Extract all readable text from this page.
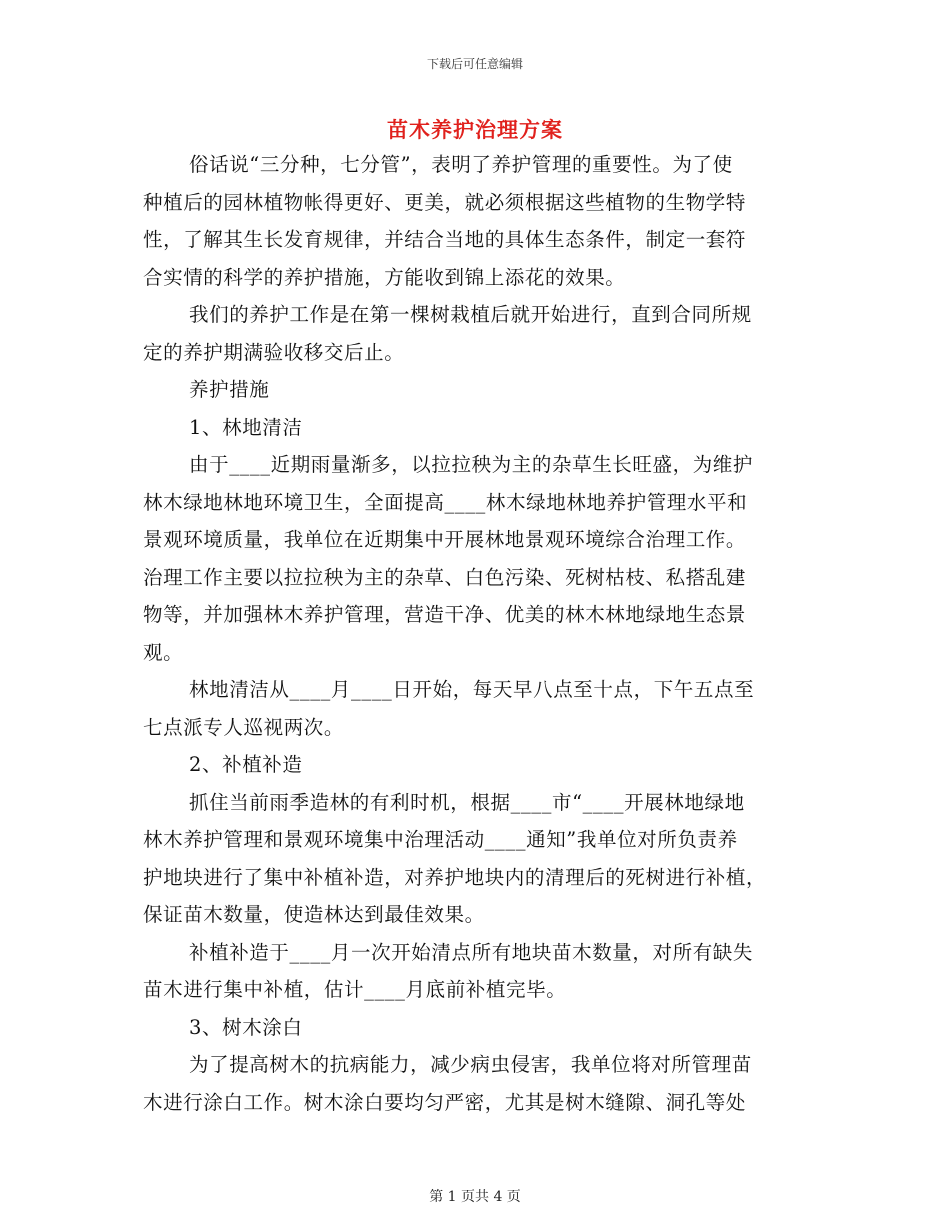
下载后可任意编辑
苗木养护治理方案

俗话说“三分种，七分管”，表明了养护管理的重要性。为了使

种植后的园林植物帐得更好、更美，就必须根据这些植物的生物学特

性，了解其生长发育规律，并结合当地的具体生态条件，制定一套符

合实情的科学的养护措施，方能收到锦上添花的效果。

我们的养护工作是在第一棵树栽植后就开始进行，直到合同所规

定的养护期满验收移交后止。

养护措施

1、林地清洁

由于____近期雨量渐多，以拉拉秧为主的杂草生长旺盛，为维护

林木绿地林地环境卫生，全面提高____林木绿地林地养护管理水平和

景观环境质量，我单位在近期集中开展林地景观环境综合治理工作。

治理工作主要以拉拉秧为主的杂草、白色污染、死树枯枝、私搭乱建

物等，并加强林木养护管理，营造干净、优美的林木林地绿地生态景

观。

林地清洁从____月____日开始，每天早八点至十点，下午五点至

七点派专人巡视两次。

2、补植补造

抓住当前雨季造林的有利时机，根据____市“____开展林地绿地

林木养护管理和景观环境集中治理活动____通知”我单位对所负责养

护地块进行了集中补植补造，对养护地块内的清理后的死树进行补植，

保证苗木数量，使造林达到最佳效果。

补植补造于____月一次开始清点所有地块苗木数量，对所有缺失

苗木进行集中补植，估计____月底前补植完毕。

3、树木涂白

为了提高树木的抗病能力，减少病虫侵害，我单位将对所管理苗

木进行涂白工作。树木涂白要均匀严密，尤其是树木缝隙、洞孔等处

第 1 页共 4 页
